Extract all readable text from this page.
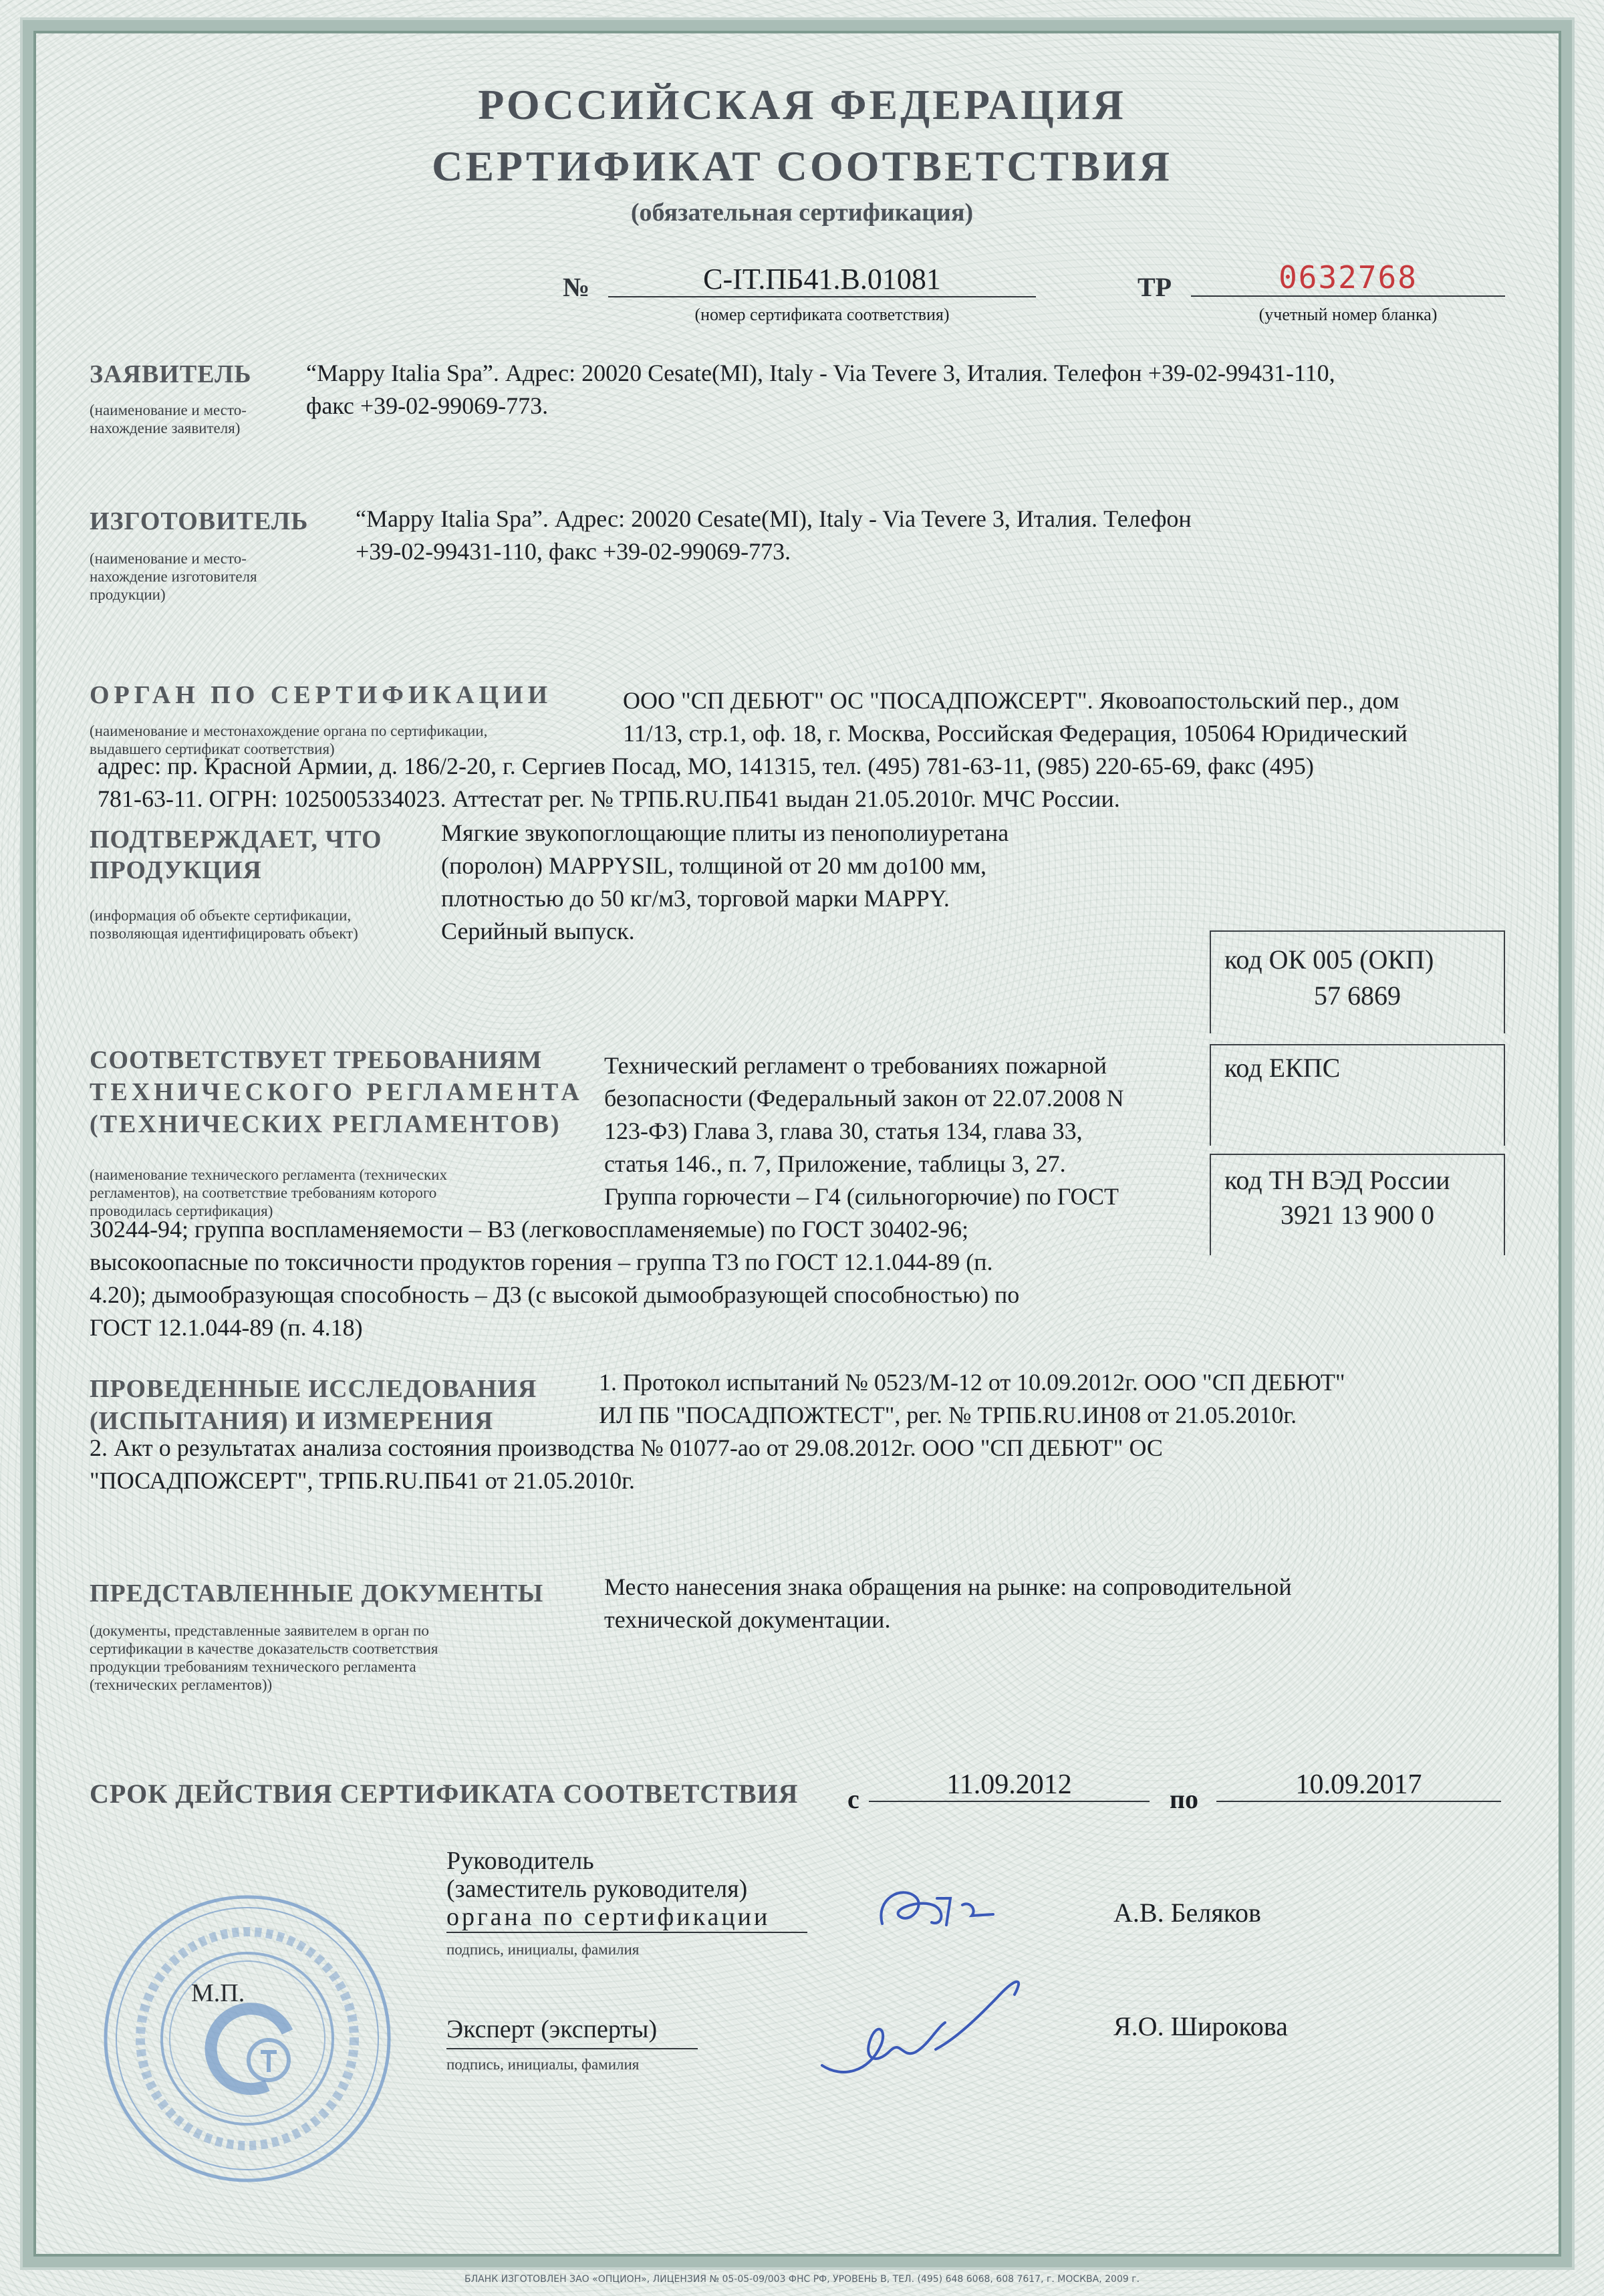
РОССИЙСКАЯ ФЕДЕРАЦИЯ
СЕРТИФИКАТ СООТВЕТСТВИЯ
(обязательная сертификация)
№	C-IT.ПБ41.В.01081
(номер сертификата соответствия)
ТР	0632768
(учетный номер бланка)
ЗАЯВИТЕЛЬ
(наименование и место-
нахождение заявителя)
“Mappy Italia Spa”. Адрес: 20020 Cesate(MI), Italy - Via Tevere 3, Италия. Телефон +39-02-99431-110,
факс +39-02-99069-773.
ИЗГОТОВИТЕЛЬ
(наименование и место-
нахождение изготовителя
продукции)
“Mappy Italia Spa”. Адрес: 20020 Cesate(MI), Italy - Via Tevere 3, Италия. Телефон
+39-02-99431-110, факс +39-02-99069-773.
ОРГАН ПО СЕРТИФИКАЦИИ
(наименование и местонахождение органа по сертификации,
выдавшего сертификат соответствия)
ООО "СП ДЕБЮТ" ОС "ПОСАДПОЖСЕРТ". Яковоапостольский пер., дом
11/13, стр.1, оф. 18, г. Москва, Российская Федерация, 105064 Юридический
адрес: пр. Красной Армии, д. 186/2-20, г. Сергиев Посад, МО, 141315, тел. (495) 781-63-11, (985) 220-65-69, факс (495)
781-63-11. ОГРН: 1025005334023. Аттестат рег. № ТРПБ.RU.ПБ41 выдан 21.05.2010г. МЧС России.
ПОДТВЕРЖДАЕТ, ЧТО
ПРОДУКЦИЯ
(информация об объекте сертификации,
позволяющая идентифицировать объект)
Мягкие звукопоглощающие плиты из пенополиуретана
(поролон) MAPPYSIL, толщиной от 20 мм до100 мм,
плотностью до 50 кг/м3, торговой марки MAPPY.
Серийный выпуск.
код ОК 005 (ОКП)
57 6869
код ЕКПС
код ТН ВЭД России
3921 13 900 0
СООТВЕТСТВУЕТ ТРЕБОВАНИЯМ
ТЕХНИЧЕСКОГО РЕГЛАМЕНТА
(ТЕХНИЧЕСКИХ РЕГЛАМЕНТОВ)
(наименование технического регламента (технических
регламентов), на соответствие требованиям которого
проводилась сертификация)
Технический регламент о требованиях пожарной
безопасности (Федеральный закон от 22.07.2008 N
123-ФЗ) Глава 3, глава 30, статья 134, глава 33,
статья 146., п. 7, Приложение, таблицы 3, 27.
Группа горючести – Г4 (сильногорючие) по ГОСТ
30244-94; группа воспламеняемости – В3 (легковоспламеняемые) по ГОСТ 30402-96;
высокоопасные по токсичности продуктов горения – группа Т3 по ГОСТ 12.1.044-89 (п.
4.20); дымообразующая способность – Д3 (с высокой дымообразующей способностью) по
ГОСТ 12.1.044-89 (п. 4.18)
ПРОВЕДЕННЫЕ ИССЛЕДОВАНИЯ
(ИСПЫТАНИЯ) И ИЗМЕРЕНИЯ
1. Протокол испытаний № 0523/М-12 от 10.09.2012г. ООО "СП ДЕБЮТ"
ИЛ ПБ "ПОСАДПОЖТЕСТ", рег. № ТРПБ.RU.ИН08 от 21.05.2010г.
2. Акт о результатах анализа состояния производства № 01077-ао от 29.08.2012г. ООО "СП ДЕБЮТ" ОС
"ПОСАДПОЖСЕРТ", ТРПБ.RU.ПБ41 от 21.05.2010г.
ПРЕДСТАВЛЕННЫЕ ДОКУМЕНТЫ
(документы, представленные заявителем в орган по
сертификации в качестве доказательств соответствия
продукции требованиям технического регламента
(технических регламентов))
Место нанесения знака обращения на рынке: на сопроводительной
технической документации.
СРОК ДЕЙСТВИЯ СЕРТИФИКАТА СООТВЕТСТВИЯ с	11.09.2012	по	10.09.2017
Руководитель
(заместитель руководителя)
органа по сертификации
подпись, инициалы, фамилия
А.В. Беляков
Эксперт (эксперты)
подпись, инициалы, фамилия
Я.О. Широкова
М.П.
БЛАНК ИЗГОТОВЛЕН ЗАО «ОПЦИОН», ЛИЦЕНЗИЯ № 05-05-09/003 ФНС РФ, УРОВЕНЬ В, ТЕЛ. (495) 648 6068, 608 7617, г. МОСКВА, 2009 г.
